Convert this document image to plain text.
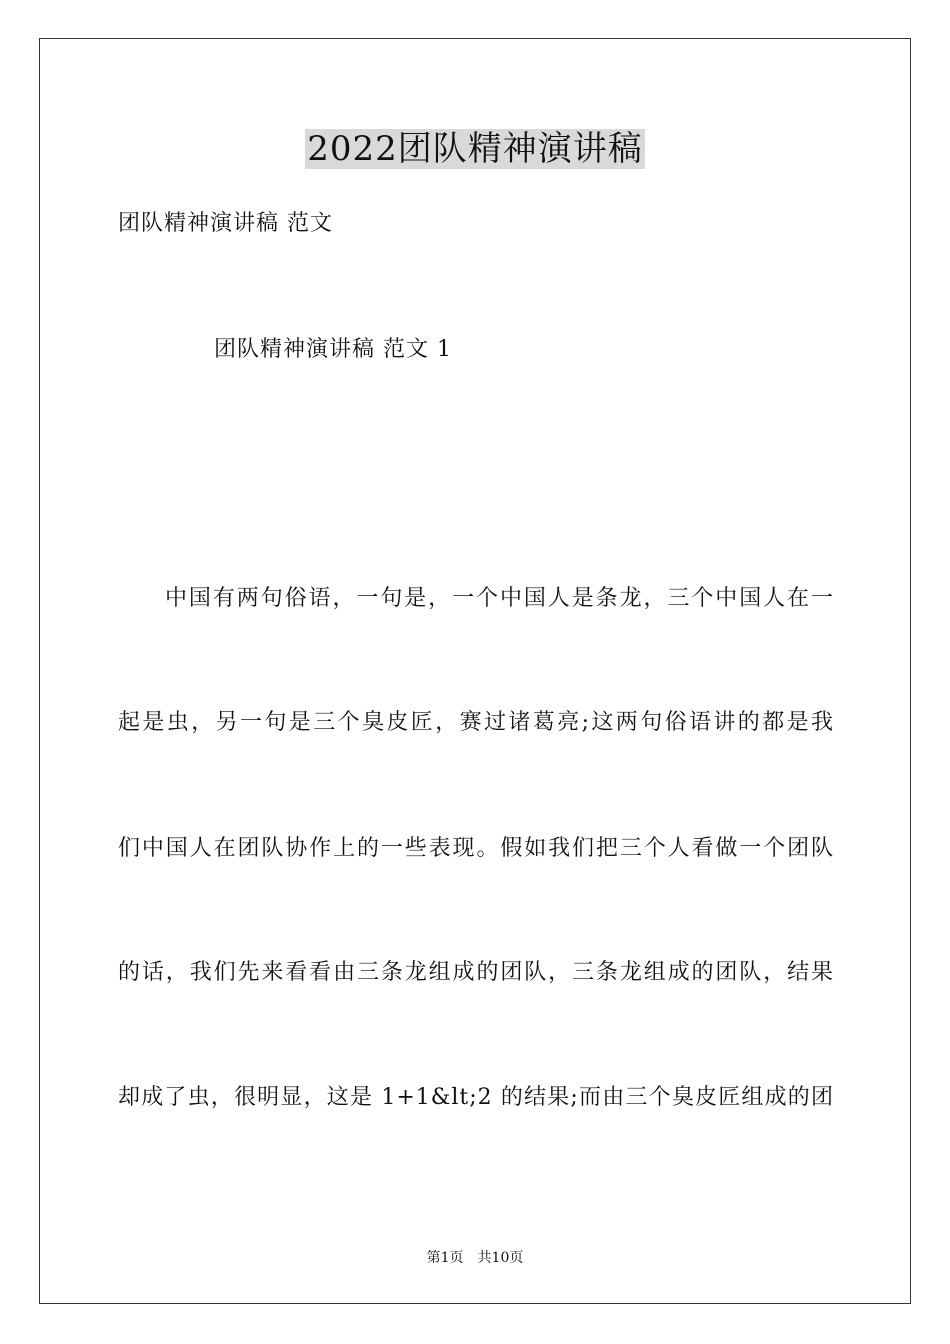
2022团队精神演讲稿

团队精神演讲稿 范文

团队精神演讲稿 范文 1

中国有两句俗语，一句是，一个中国人是条龙，三个中国人在一

起是虫，另一句是三个臭皮匠，赛过诸葛亮;这两句俗语讲的都是我

们中国人在团队协作上的一些表现。假如我们把三个人看做一个团队

的话，我们先来看看由三条龙组成的团队，三条龙组成的团队，结果

却成了虫，很明显，这是 1+1&lt;2 的结果;而由三个臭皮匠组成的团

第1页　共10页
